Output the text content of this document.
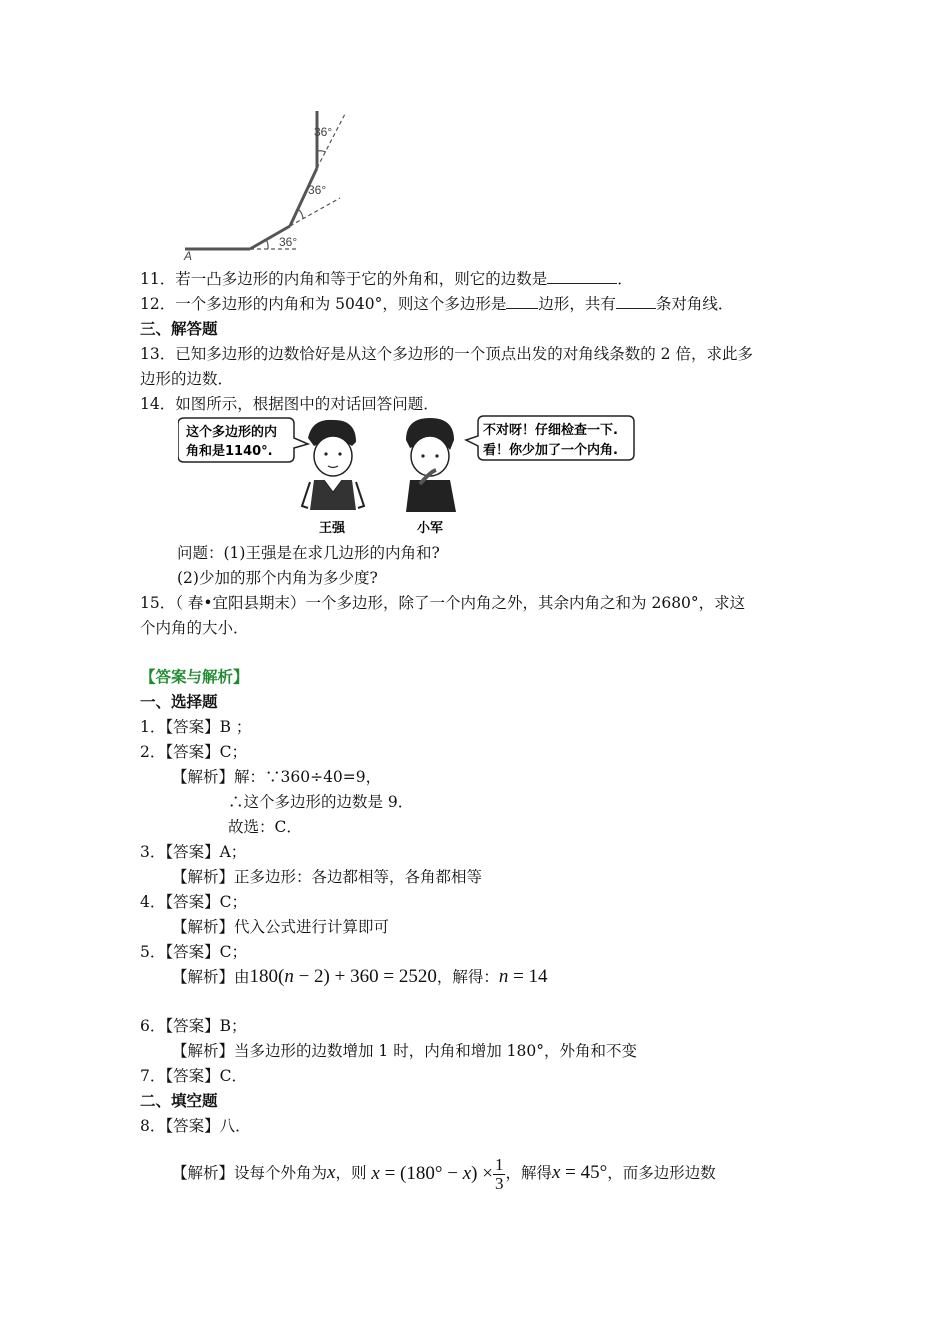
36°
36°
36°
A
11．若一凸多边形的内角和等于它的外角和，则它的边数是	．
12．一个多边形的内角和为 5040°，则这个多边形是 边形，共有	条对角线．
三、解答题
13．已知多边形的边数恰好是从这个多边形的一个顶点出发的对角线条数的 2 倍，求此多
边形的边数．
14．如图所示，根据图中的对话回答问题．
这个多边形的内
角和是1140°.
王强	小军
不对呀！仔细检查一下.
看！你少加了一个内角.
问题：(1)王强是在求几边形的内角和?
(2)少加的那个内角为多少度?
15．（ 春•宜阳县期末）一个多边形，除了一个内角之外，其余内角之和为 2680°，求这
个内角的大小．
【答案与解析】
一、选择题
1．【答案】B ；
2．【答案】C；
【解析】解：∵360÷40=9，
∴这个多边形的边数是 9．
故选：C．
3．【答案】A；
【解析】正多边形：各边都相等，各角都相等
4．【答案】C；
【解析】代入公式进行计算即可
5．【答案】C；
【解析】由180(n − 2) + 360 = 2520，解得：n = 14
6．【答案】B；
【解析】当多边形的边数增加 1 时，内角和增加 180°，外角和不变
7．【答案】C．
二、填空题
8．【答案】八．
【解析】设每个外角为x，则 $x = (180^\circ - x) \times \frac{1}{3}$ ，解得x = 45°，而多边形边数
